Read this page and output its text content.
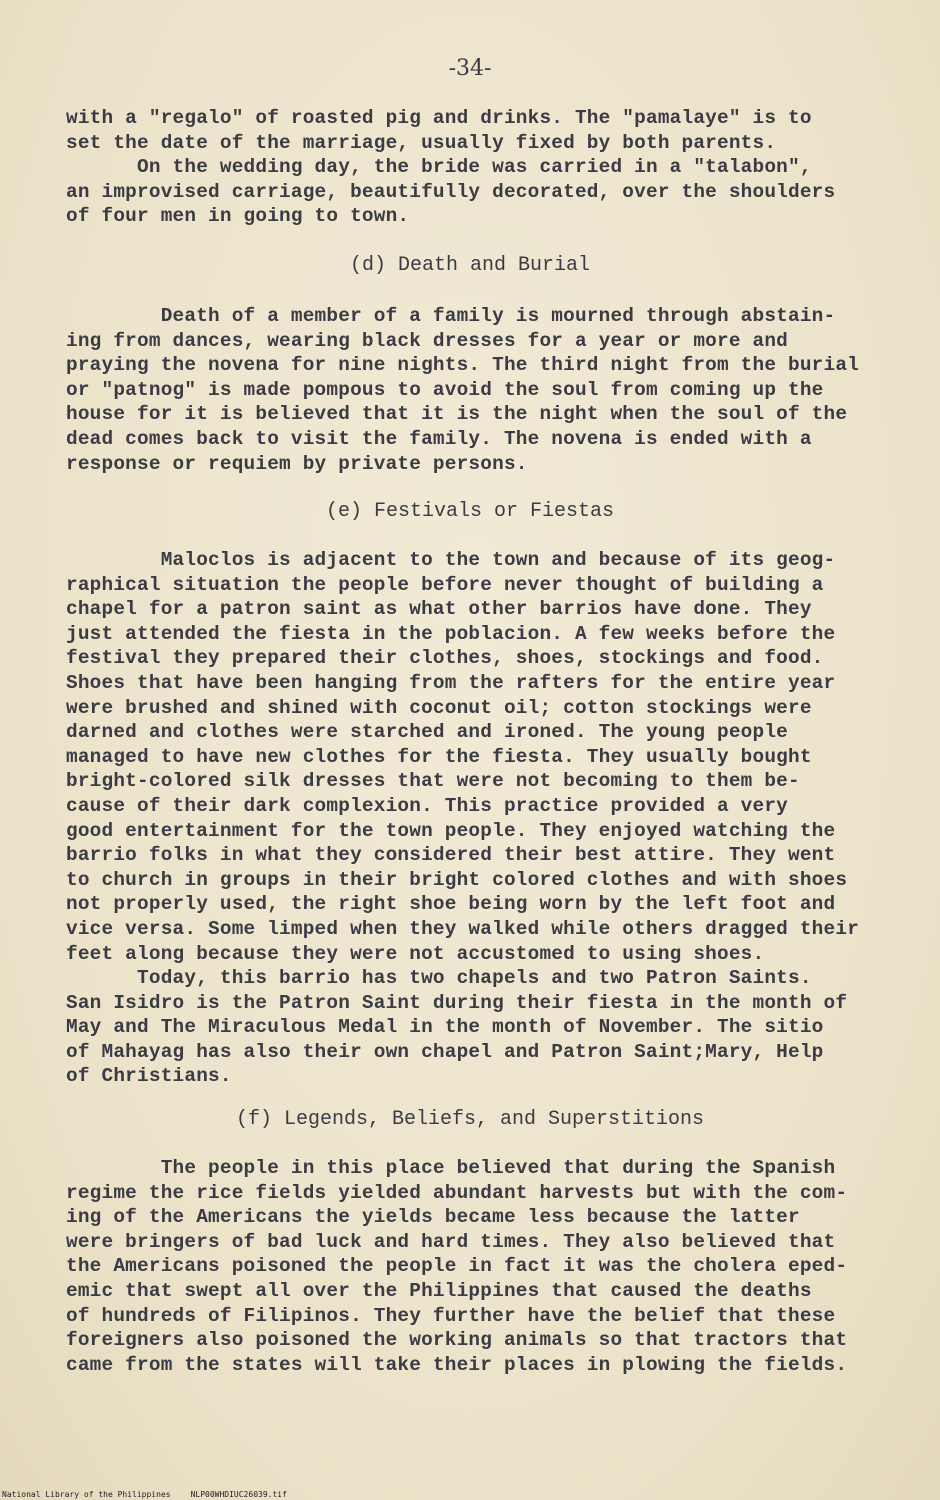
-34-
with a "regalo" of roasted pig and drinks. The "pamalaye" is to
set the date of the marriage, usually fixed by both parents.
On the wedding day, the bride was carried in a "talabon",
an improvised carriage, beautifully decorated, over the shoulders
of four men in going to town.
(d) Death and Burial
Death of a member of a family is mourned through abstain-
ing from dances, wearing black dresses for a year or more and
praying the novena for nine nights. The third night from the burial
or "patnog" is made pompous to avoid the soul from coming up the
house for it is believed that it is the night when the soul of the
dead comes back to visit the family. The novena is ended with a
response or requiem by private persons.
(e) Festivals or Fiestas
Maloclos is adjacent to the town and because of its geog-
raphical situation the people before never thought of building a
chapel for a patron saint as what other barrios have done. They
just attended the fiesta in the poblacion. A few weeks before the
festival they prepared their clothes, shoes, stockings and food.
Shoes that have been hanging from the rafters for the entire year
were brushed and shined with coconut oil; cotton stockings were
darned and clothes were starched and ironed. The young people
managed to have new clothes for the fiesta. They usually bought
bright-colored silk dresses that were not becoming to them be-
cause of their dark complexion. This practice provided a very
good entertainment for the town people. They enjoyed watching the
barrio folks in what they considered their best attire. They went
to church in groups in their bright colored clothes and with shoes
not properly used, the right shoe being worn by the left foot and
vice versa. Some limped when they walked while others dragged their
feet along because they were not accustomed to using shoes.
Today, this barrio has two chapels and two Patron Saints.
San Isidro is the Patron Saint during their fiesta in the month of
May and The Miraculous Medal in the month of November. The sitio
of Mahayag has also their own chapel and Patron Saint;Mary, Help
of Christians.
(f) Legends, Beliefs, and Superstitions
The people in this place believed that during the Spanish
regime the rice fields yielded abundant harvests but with the com-
ing of the Americans the yields became less because the latter
were bringers of bad luck and hard times. They also believed that
the Americans poisoned the people in fact it was the cholera eped-
emic that swept all over the Philippines that caused the deaths
of hundreds of Filipinos. They further have the belief that these
foreigners also poisoned the working animals so that tractors that
came from the states will take their places in plowing the fields.
National Library of the Philippines	NLP00WHDIUC26039.tif
